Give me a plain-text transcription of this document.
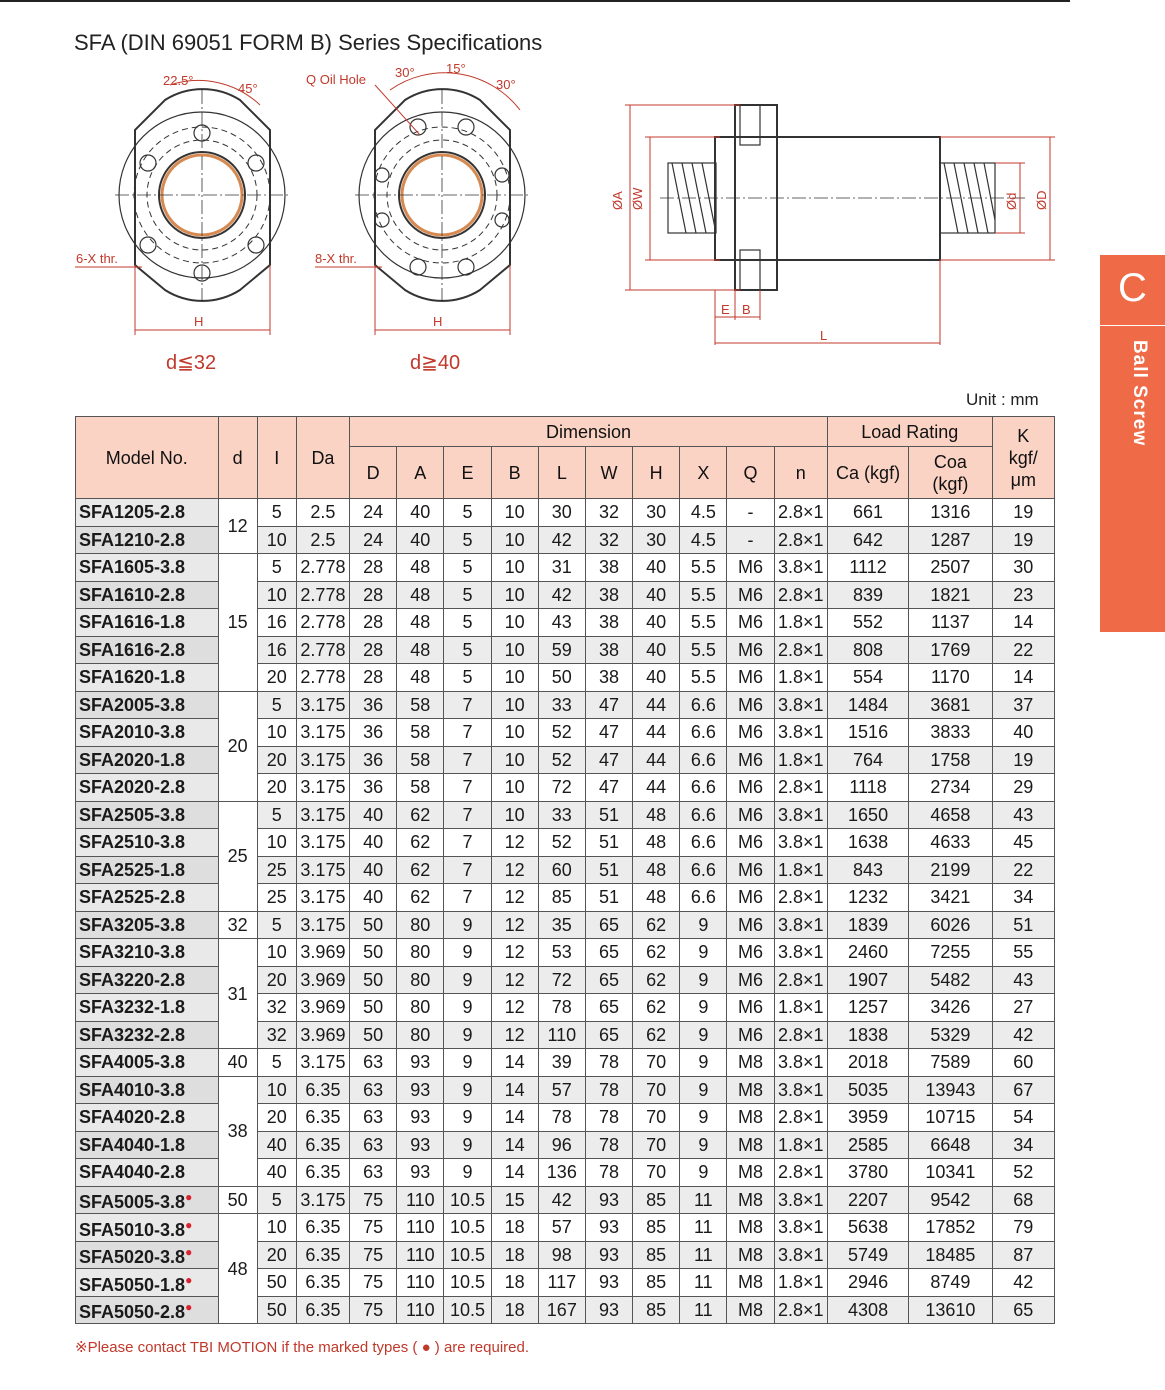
SFA (DIN 69051 FORM B) Series Specifications
22.5°
45°
6-X thr.
H
Q Oil Hole 30° 15°
30°
8-X thr.
H
ØA ØW	Ød ØD
E B
L
d≦32	d≧40
C
Ball Screw
Unit : mm
Model No.	d	I	Da	Dimension										Load Rating		K
kgf/
μm
				D	A	E	B	L	W	H	X	Q	n	Ca (kgf)	Coa
(kgf)	
SFA1205-2.8	12	5	2.5	24	40	5	10	30	32	30	4.5	-	2.8×1	661	1316	19
SFA1210-2.8		10	2.5	24	40	5	10	42	32	30	4.5	-	2.8×1	642	1287	19
SFA1605-3.8	15	5	2.778	28	48	5	10	31	38	40	5.5	M6	3.8×1	1112	2507	30
SFA1610-2.8		10	2.778	28	48	5	10	42	38	40	5.5	M6	2.8×1	839	1821	23
SFA1616-1.8		16	2.778	28	48	5	10	43	38	40	5.5	M6	1.8×1	552	1137	14
SFA1616-2.8		16	2.778	28	48	5	10	59	38	40	5.5	M6	2.8×1	808	1769	22
SFA1620-1.8		20	2.778	28	48	5	10	50	38	40	5.5	M6	1.8×1	554	1170	14
SFA2005-3.8	20	5	3.175	36	58	7	10	33	47	44	6.6	M6	3.8×1	1484	3681	37
SFA2010-3.8		10	3.175	36	58	7	10	52	47	44	6.6	M6	3.8×1	1516	3833	40
SFA2020-1.8		20	3.175	36	58	7	10	52	47	44	6.6	M6	1.8×1	764	1758	19
SFA2020-2.8		20	3.175	36	58	7	10	72	47	44	6.6	M6	2.8×1	1118	2734	29
SFA2505-3.8	25	5	3.175	40	62	7	10	33	51	48	6.6	M6	3.8×1	1650	4658	43
SFA2510-3.8		10	3.175	40	62	7	12	52	51	48	6.6	M6	3.8×1	1638	4633	45
SFA2525-1.8		25	3.175	40	62	7	12	60	51	48	6.6	M6	1.8×1	843	2199	22
SFA2525-2.8		25	3.175	40	62	7	12	85	51	48	6.6	M6	2.8×1	1232	3421	34
SFA3205-3.8	32	5	3.175	50	80	9	12	35	65	62	9	M6	3.8×1	1839	6026	51
SFA3210-3.8	31	10	3.969	50	80	9	12	53	65	62	9	M6	3.8×1	2460	7255	55
SFA3220-2.8		20	3.969	50	80	9	12	72	65	62	9	M6	2.8×1	1907	5482	43
SFA3232-1.8		32	3.969	50	80	9	12	78	65	62	9	M6	1.8×1	1257	3426	27
SFA3232-2.8		32	3.969	50	80	9	12	110	65	62	9	M6	2.8×1	1838	5329	42
SFA4005-3.8	40	5	3.175	63	93	9	14	39	78	70	9	M8	3.8×1	2018	7589	60
SFA4010-3.8	38	10	6.35	63	93	9	14	57	78	70	9	M8	3.8×1	5035	13943	67
SFA4020-2.8		20	6.35	63	93	9	14	78	78	70	9	M8	2.8×1	3959	10715	54
SFA4040-1.8		40	6.35	63	93	9	14	96	78	70	9	M8	1.8×1	2585	6648	34
SFA4040-2.8		40	6.35	63	93	9	14	136	78	70	9	M8	2.8×1	3780	10341	52
SFA5005-3.8●	50	5	3.175	75	110	10.5	15	42	93	85	11	M8	3.8×1	2207	9542	68
SFA5010-3.8●	48	10	6.35	75	110	10.5	18	57	93	85	11	M8	3.8×1	5638	17852	79
SFA5020-3.8●		20	6.35	75	110	10.5	18	98	93	85	11	M8	3.8×1	5749	18485	87
SFA5050-1.8●		50	6.35	75	110	10.5	18	117	93	85	11	M8	1.8×1	2946	8749	42
SFA5050-2.8●		50	6.35	75	110	10.5	18	167	93	85	11	M8	2.8×1	4308	13610	65
※Please contact TBI MOTION if the marked types ( ● ) are required.
